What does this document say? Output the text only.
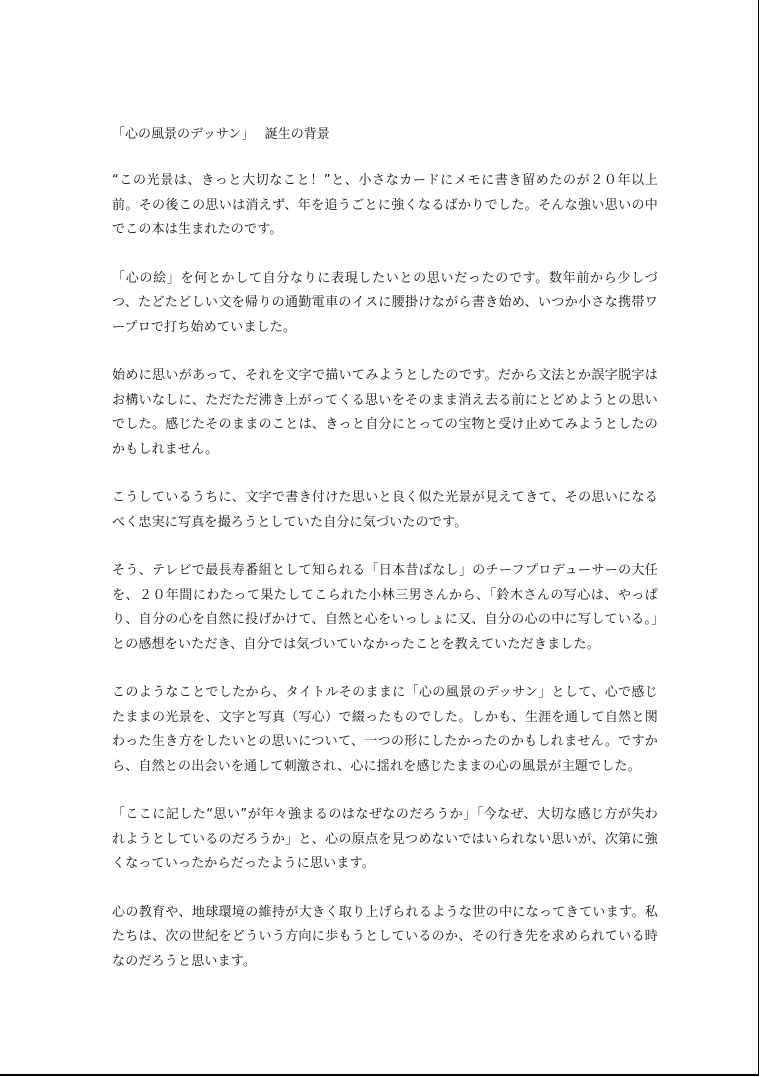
「心の風景のデッサン」　 誕生の背景

“この光景は、きっと大切なこと！”と、小さなカードにメモに書き留めたのが２０年以上前。その後この思いは消えず、年を追うごとに強くなるばかりでした。そんな強い思いの中でこの本は生まれたのです。

「心の絵」を何とかして自分なりに表現したいとの思いだったのです。数年前から少しづつ、たどたどしい文を帰りの通勤電車のイスに腰掛けながら書き始め、いつか小さな携帯ワープロで打ち始めていました。

始めに思いがあって、それを文字で描いてみようとしたのです。だから文法とか誤字脱字はお構いなしに、ただただ沸き上がってくる思いをそのまま消え去る前にとどめようとの思いでした。感じたそのままのことは、きっと自分にとっての宝物と受け止めてみようとしたのかもしれません。

こうしているうちに、文字で書き付けた思いと良く似た光景が見えてきて、その思いになるべく忠実に写真を撮ろうとしていた自分に気づいたのです。

そう、テレビで最長寿番組として知られる「日本昔ばなし」のチーフプロデューサーの大任を、２０年間にわたって果たしてこられた小林三男さんから、「鈴木さんの写心は、やっぱり、自分の心を自然に投げかけて、自然と心をいっしょに又、自分の心の中に写している。」との感想をいただき、自分では気づいていなかったことを教えていただきました。

このようなことでしたから、タイトルそのままに「心の風景のデッサン」として、心で感じたままの光景を、文字と写真（写心）で綴ったものでした。しかも、生涯を通して自然と関わった生き方をしたいとの思いについて、一つの形にしたかったのかもしれません。ですから、自然との出会いを通して刺激され、心に揺れを感じたままの心の風景が主題でした。

「ここに記した“思い”が年々強まるのはなぜなのだろうか」「今なぜ、大切な感じ方が失われようとしているのだろうか」と、心の原点を見つめないではいられない思いが、次第に強くなっていったからだったように思います。

心の教育や、地球環境の維持が大きく取り上げられるような世の中になってきています。私たちは、次の世紀をどういう方向に歩もうとしているのか、その行き先を求められている時なのだろうと思います。
